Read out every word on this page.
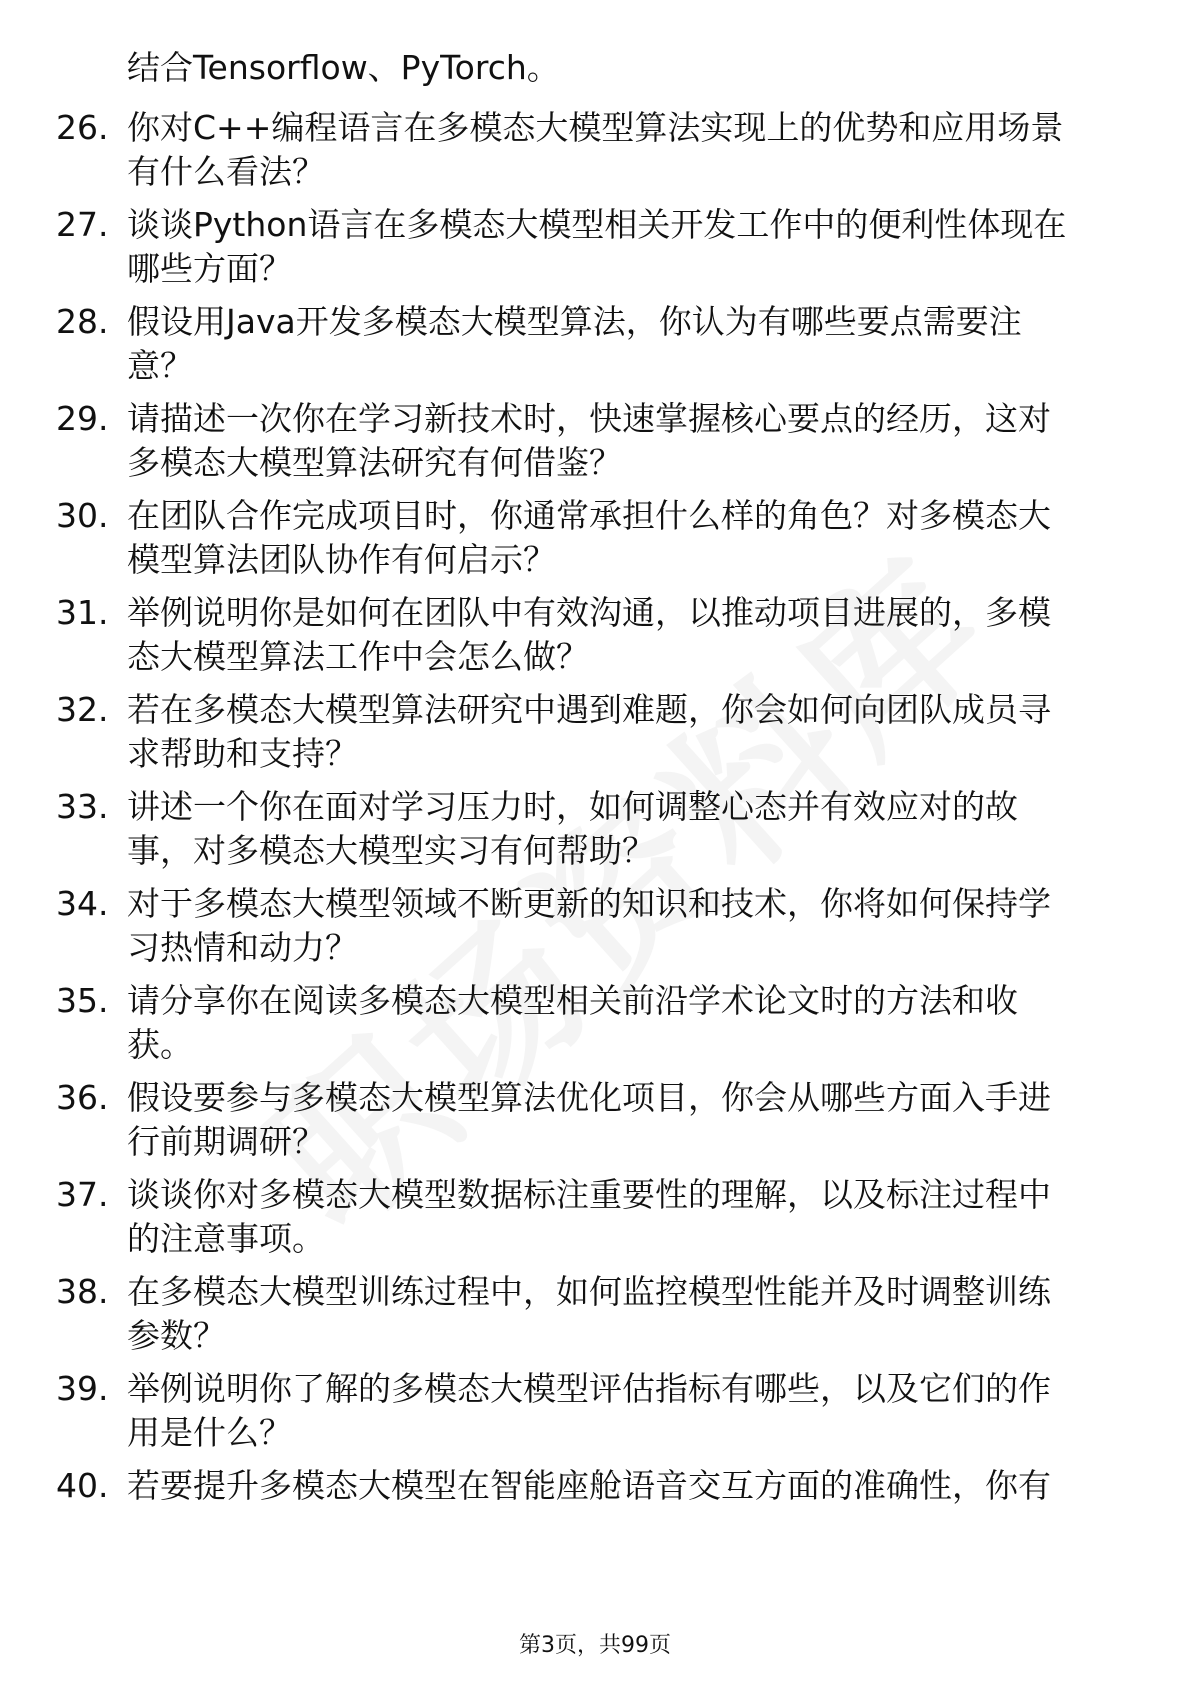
结合Tensorflow、PyTorch。
26. 你对C++编程语言在多模态大模型算法实现上的优势和应用场景
有什么看法？
27. 谈谈Python语言在多模态大模型相关开发工作中的便利性体现在
哪些方面？
28. 假设用Java开发多模态大模型算法，你认为有哪些要点需要注
意？
29. 请描述一次你在学习新技术时，快速掌握核心要点的经历，这对
多模态大模型算法研究有何借鉴？
30. 在团队合作完成项目时，你通常承担什么样的角色？对多模态大
模型算法团队协作有何启示？
31. 举例说明你是如何在团队中有效沟通，以推动项目进展的，多模
态大模型算法工作中会怎么做？
32. 若在多模态大模型算法研究中遇到难题，你会如何向团队成员寻
求帮助和支持？
33. 讲述一个你在面对学习压力时，如何调整心态并有效应对的故
事，对多模态大模型实习有何帮助？
34. 对于多模态大模型领域不断更新的知识和技术，你将如何保持学
习热情和动力？
35. 请分享你在阅读多模态大模型相关前沿学术论文时的方法和收
获。
36. 假设要参与多模态大模型算法优化项目，你会从哪些方面入手进
行前期调研？
37. 谈谈你对多模态大模型数据标注重要性的理解，以及标注过程中
的注意事项。
38. 在多模态大模型训练过程中，如何监控模型性能并及时调整训练
参数？
39. 举例说明你了解的多模态大模型评估指标有哪些，以及它们的作
用是什么？
40. 若要提升多模态大模型在智能座舱语音交互方面的准确性，你有
第3页，共99页
